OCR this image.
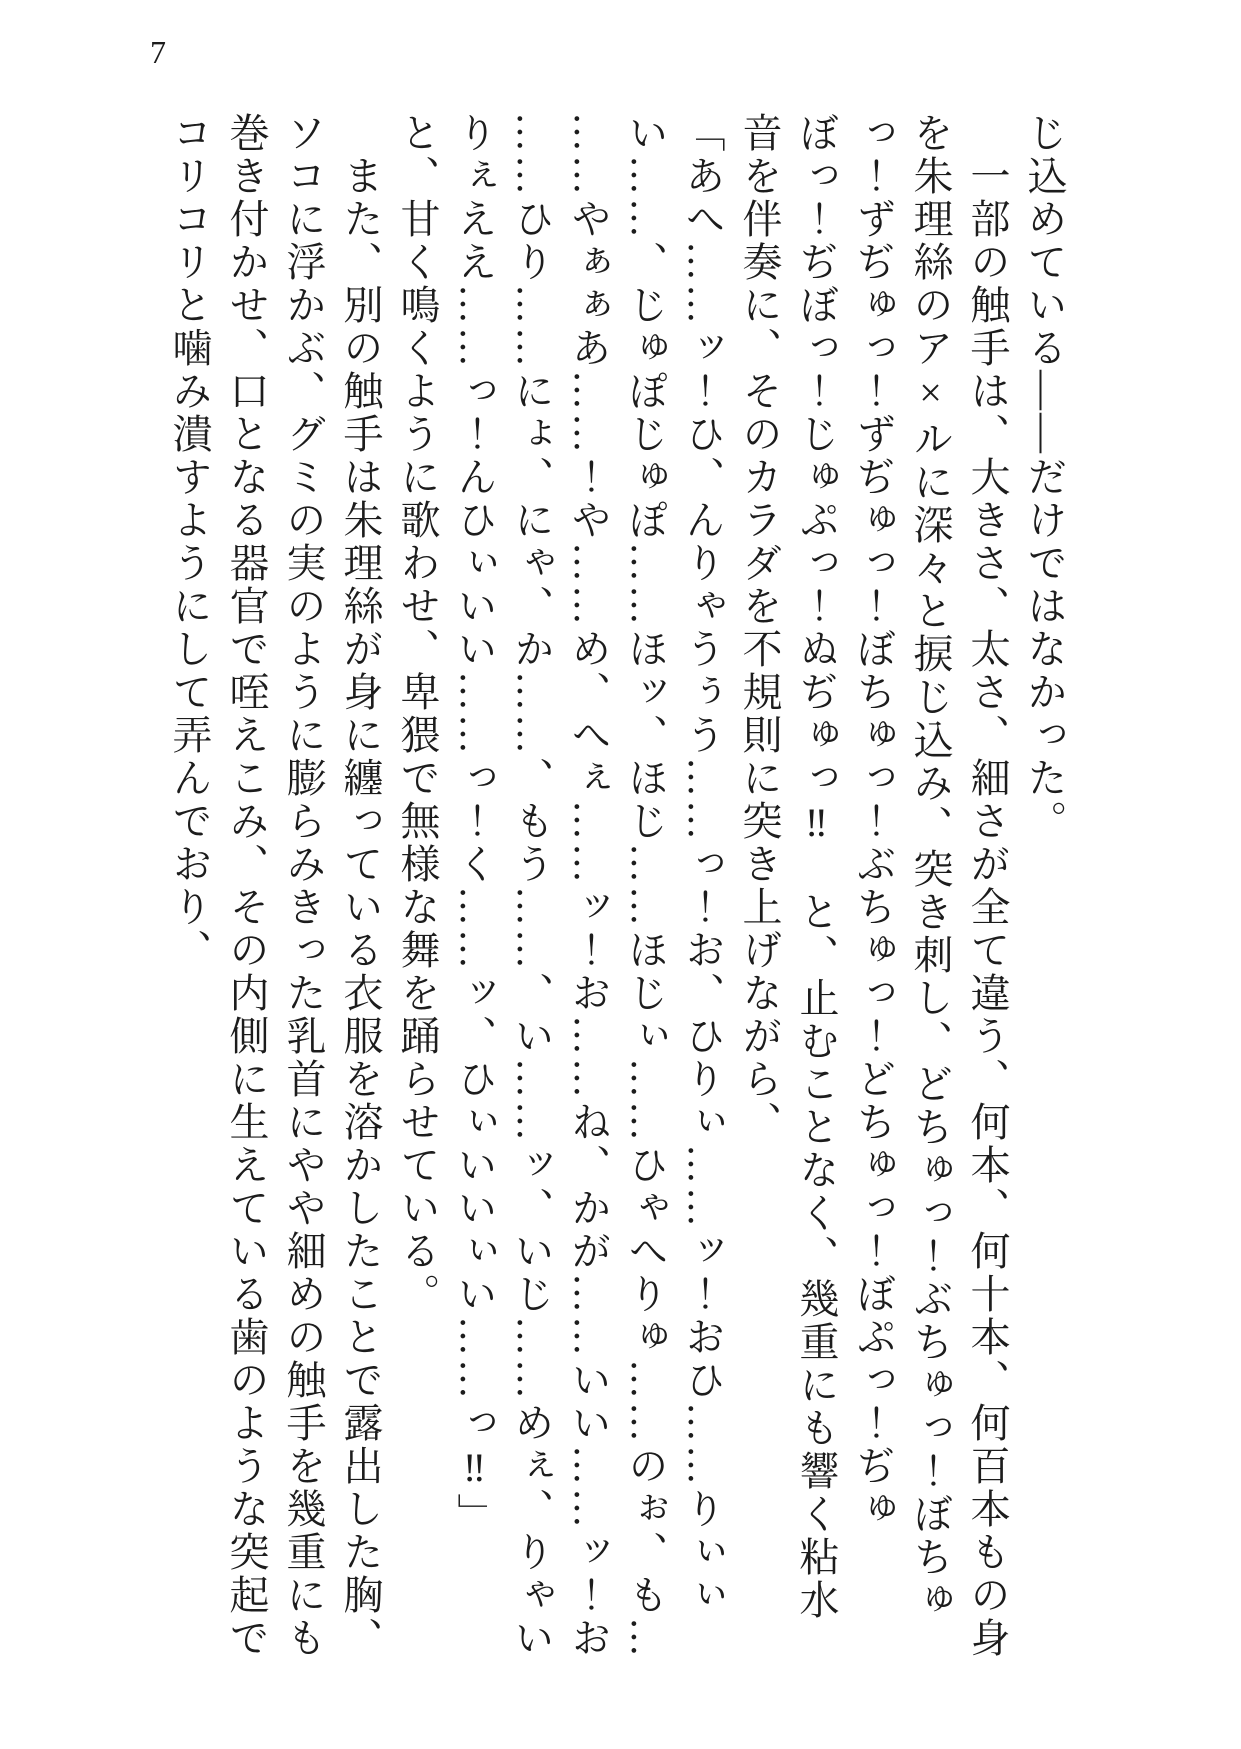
7

じ込めている――だけではなかった。

　一部の触手は、大きさ、太さ、細さが全て違う、何本、何十本、何百本もの身

を朱理絲のア×ルに深々と捩じ込み、突き刺し、どちゅっ！ぶちゅっ！ぼちゅ

っ！ずぢゅっ！ずぢゅっ！ぼちゅっ！ぶちゅっ！どちゅっ！ぼぷっ！ぢゅ

ぼっ！ぢぼっ！じゅぷっ！ぬぢゅっ‼　と、止むことなく、幾重にも響く粘水

音を伴奏に、そのカラダを不規則に突き上げながら、

「あへ……ッ！ひ、んりゃうぅう……っ！お、ひりぃ……ッ！おひ……りぃぃ

い……、じゅぽじゅぽ……ほッ、ほじ……ほじぃ……ひゃへりゅ……のぉ、も…

……やぁぁあ……！や……め、へぇ……ッ！お……ね、かが……いい……ッ！お

……ひり……にょ、にゃ、か……、もう……、い……ッ、いじ……めぇ、りゃい

りぇええ……っ！んひぃいい……っ！く……ッ、ひぃいいぃい……っ‼」

と、甘く鳴くように歌わせ、卑猥で無様な舞を踊らせている。

　また、別の触手は朱理絲が身に纏っている衣服を溶かしたことで露出した胸、

ソコに浮かぶ、グミの実のように膨らみきった乳首にやや細めの触手を幾重にも

巻き付かせ、口となる器官で咥えこみ、その内側に生えている歯のような突起で

コリコリと噛み潰すようにして弄んでおり、
